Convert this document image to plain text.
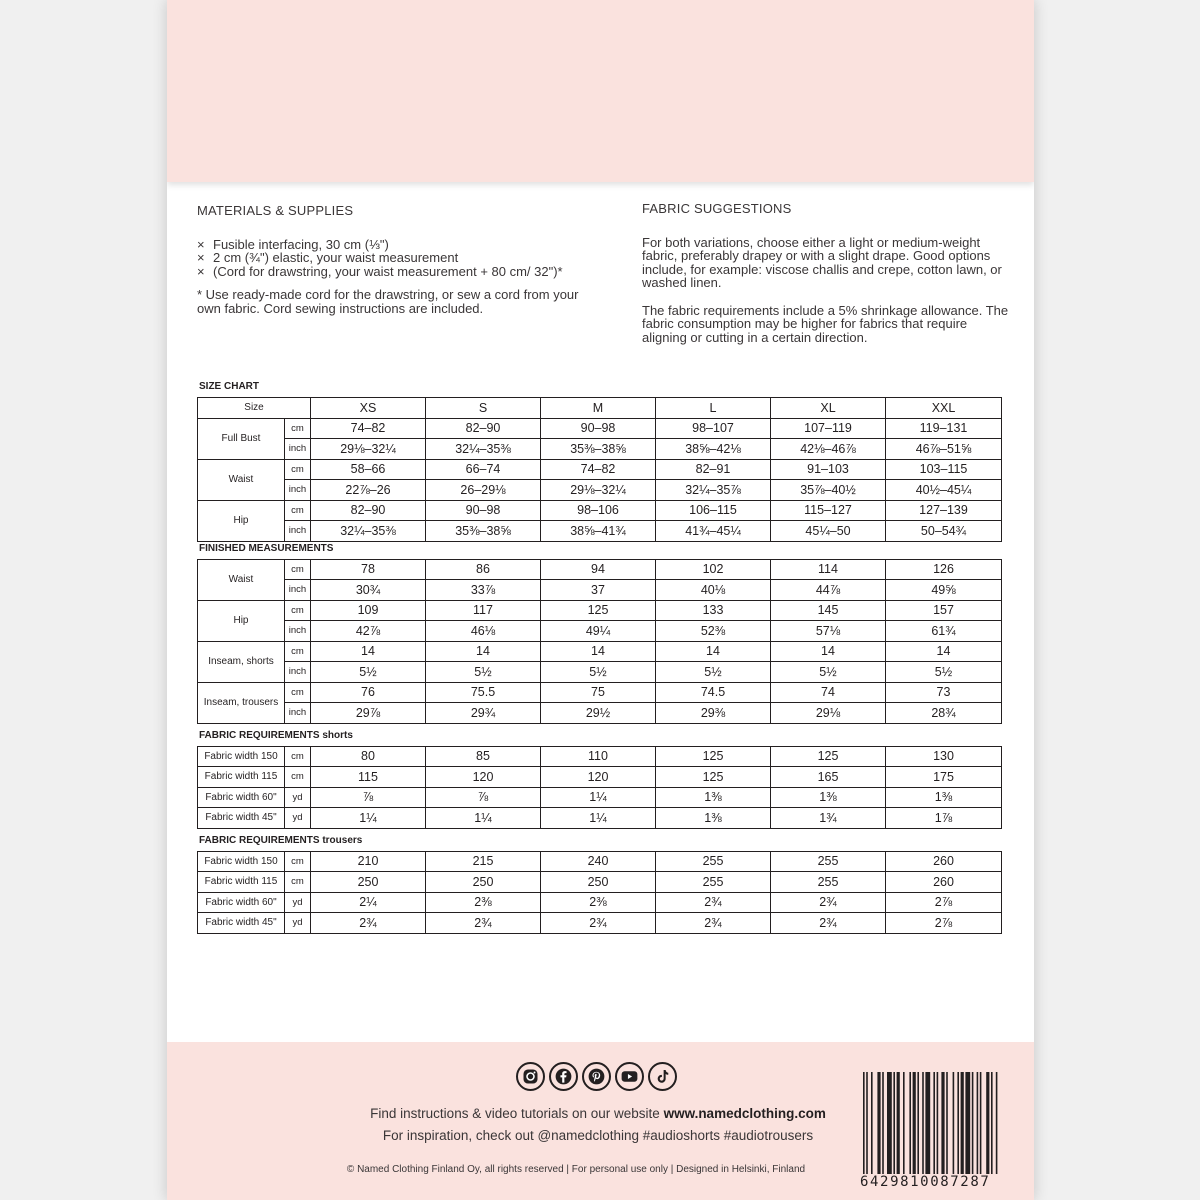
MATERIALS & SUPPLIES
× Fusible interfacing, 30 cm (⅓")
× 2 cm (¾") elastic, your waist measurement
× (Cord for drawstring, your waist measurement + 80 cm/ 32")*

* Use ready-made cord for the drawstring, or sew a cord from your own fabric. Cord sewing instructions are included.

FABRIC SUGGESTIONS

For both variations, choose either a light or medium-weight fabric, preferably drapey or with a slight drape. Good options include, for example: viscose challis and crepe, cotton lawn, or washed linen.

The fabric requirements include a 5% shrinkage allowance. The fabric consumption may be higher for fabrics that require aligning or cutting in a certain direction.

SIZE CHART
Size		XS	S	M	L	XL	XXL
Full Bust	cm	74–82	82–90	90–98	98–107	107–119	119–131
	inch	29⅛–32¼	32¼–35⅜	35⅜–38⅝	38⅝–42⅛	42⅛–46⅞	46⅞–51⅝
Waist	cm	58–66	66–74	74–82	82–91	91–103	103–115
	inch	22⅞–26	26–29⅛	29⅛–32¼	32¼–35⅞	35⅞–40½	40½–45¼
Hip	cm	82–90	90–98	98–106	106–115	115–127	127–139
	inch	32¼–35⅜	35⅜–38⅝	38⅝–41¾	41¾–45¼	45¼–50	50–54¾
FINISHED MEASUREMENTS
Waist	cm	78	86	94	102	114	126
	inch	30¾	33⅞	37	40⅛	44⅞	49⅝
Hip	cm	109	117	125	133	145	157
	inch	42⅞	46⅛	49¼	52⅜	57⅛	61¾
Inseam, shorts	cm	14	14	14	14	14	14
	inch	5½	5½	5½	5½	5½	5½
Inseam, trousers	cm	76	75.5	75	74.5	74	73
	inch	29⅞	29¾	29½	29⅜	29⅛	28¾
FABRIC REQUIREMENTS shorts
Fabric width 150	cm	80	85	110	125	125	130
Fabric width 115	cm	115	120	120	125	165	175
Fabric width 60"	yd	⅞	⅞	1¼	1⅜	1⅜	1⅜
Fabric width 45"	yd	1¼	1¼	1¼	1⅜	1¾	1⅞
FABRIC REQUIREMENTS trousers
Fabric width 150	cm	210	215	240	255	255	260
Fabric width 115	cm	250	250	250	255	255	260
Fabric width 60"	yd	2¼	2⅜	2⅜	2¾	2¾	2⅞
Fabric width 45"	yd	2¾	2¾	2¾	2¾	2¾	2⅞
Find instructions & video tutorials on our website www.namedclothing.com
For inspiration, check out @namedclothing #audioshorts #audiotrousers
© Named Clothing Finland Oy, all rights reserved | For personal use only | Designed in Helsinki, Finland
6429810087287
